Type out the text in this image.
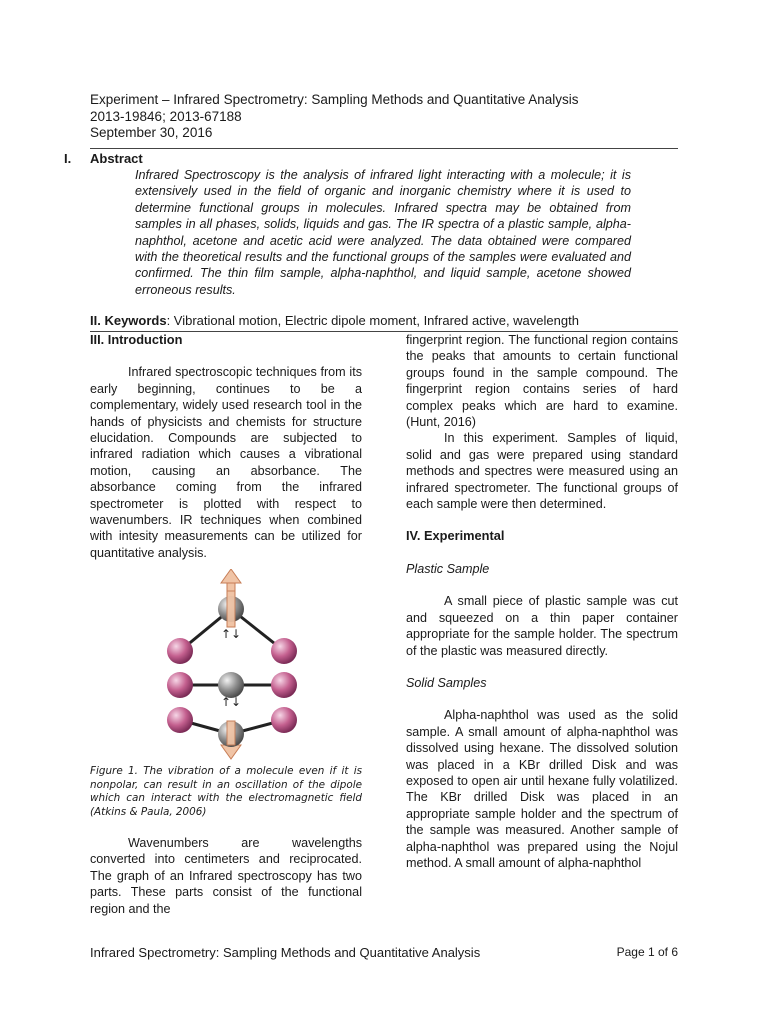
Experiment – Infrared Spectrometry: Sampling Methods and Quantitative Analysis
2013-19846; 2013-67188
September 30, 2016
I. Abstract
Infrared Spectroscopy is the analysis of infrared light interacting with a molecule; it is extensively used in the field of organic and inorganic chemistry where it is used to determine functional groups in molecules. Infrared spectra may be obtained from samples in all phases, solids, liquids and gas. The IR spectra of a plastic sample, alpha-naphthol, acetone and acetic acid were analyzed. The data obtained were compared with the theoretical results and the functional groups of the samples were evaluated and confirmed. The thin film sample, alpha-naphthol, and liquid sample, acetone showed erroneous results.
II. Keywords: Vibrational motion, Electric dipole moment, Infrared active, wavelength
III. Introduction

Infrared spectroscopic techniques from its early beginning, continues to be a complementary, widely used research tool in the hands of physicists and chemists for structure elucidation. Compounds are subjected to infrared radiation which causes a vibrational motion, causing an absorbance. The absorbance coming from the infrared spectrometer is plotted with respect to wavenumbers. IR techniques when combined with intesity measurements can be utilized for quantitative analysis.

↑↓
↑↓
Figure 1. The vibration of a molecule even if it is nonpolar, can result in an oscillation of the dipole which can interact with the electromagnetic field (Atkins & Paula, 2006)

Wavenumbers are wavelengths converted into centimeters and reciprocated. The graph of an Infrared spectroscopy has two parts. These parts consist of the functional region and the

fingerprint region. The functional region contains the peaks that amounts to certain functional groups found in the sample compound. The fingerprint region contains series of hard complex peaks which are hard to examine. (Hunt, 2016)

In this experiment. Samples of liquid, solid and gas were prepared using standard methods and spectres were measured using an infrared spectrometer. The functional groups of each sample were then determined.

IV. Experimental
Plastic Sample

A small piece of plastic sample was cut and squeezed on a thin paper container appropriate for the sample holder. The spectrum of the plastic was measured directly.

Solid Samples

Alpha-naphthol was used as the solid sample. A small amount of alpha-naphthol was dissolved using hexane. The dissolved solution was placed in a KBr drilled Disk and was exposed to open air until hexane fully volatilized. The KBr drilled Disk was placed in an appropriate sample holder and the spectrum of the sample was measured. Another sample of alpha-naphthol was prepared using the Nojul method. A small amount of alpha-naphthol

Infrared Spectrometry: Sampling Methods and Quantitative Analysis	Page 1 of 6
